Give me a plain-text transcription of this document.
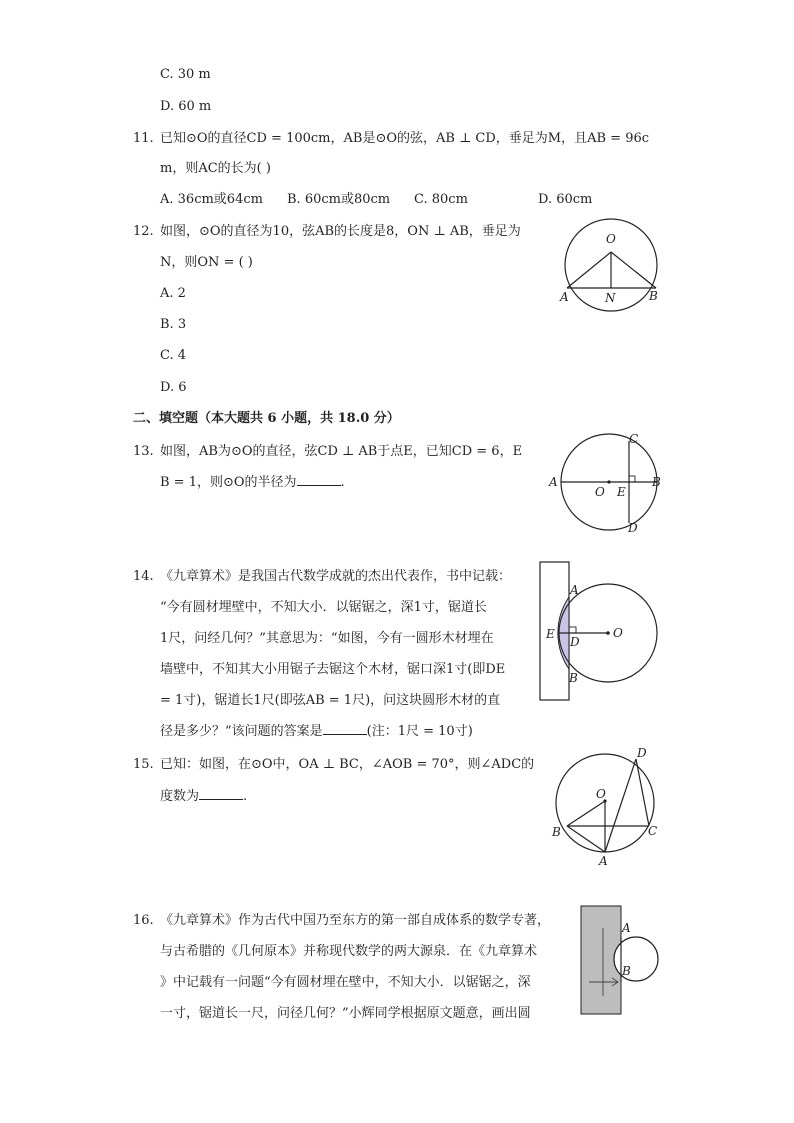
C. 30 m
D. 60 m
11. 已知⊙O的直径CD = 100cm，AB是⊙O的弦，AB ⊥ CD，垂足为M，且AB = 96c
m，则AC的长为( )
A. 36cm或64cm B. 60cm或80cm C. 80cm	D. 60cm
12. 如图，⊙O的直径为10，弦AB的长度是8，ON ⊥ AB，垂足为
N，则ON = ( )
A. 2
B. 3
C. 4
D. 6
O
A	N	B
二、填空题（本大题共 6 小题，共 18.0 分）
13. 如图，AB为⊙O的直径，弦CD ⊥ AB于点E，已知CD = 6，E
B = 1，则⊙O的半径为	.	A
O E
B
C
D
14. 《九章算术》是我国古代数学成就的杰出代表作，书中记载：
“今有圆材埋壁中，不知大小．以锯锯之，深1寸，锯道长
1尺，问经几何？”其意思为：“如图，今有一圆形木材埋在
墙壁中，不知其大小用锯子去锯这个木材，锯口深1寸(即DE
= 1寸)，锯道长1尺(即弦AB = 1尺)，问这块圆形木材的直
径是多少？”该问题的答案是	(注：1尺 = 10寸)
A
E
D
O
B
15. 已知：如图，在⊙O中，OA ⊥ BC，∠AOB = 70°，则∠ADC的
度数为	.
D
O
B	C
A
16. 《九章算术》作为古代中国乃至东方的第一部自成体系的数学专著，
与古希腊的《几何原本》并称现代数学的两大源泉．在《九章算术
》中记载有一问题“今有圆材埋在壁中，不知大小．以锯锯之，深
一寸，锯道长一尺，问径几何？”小辉同学根据原文题意，画出圆
A
B
